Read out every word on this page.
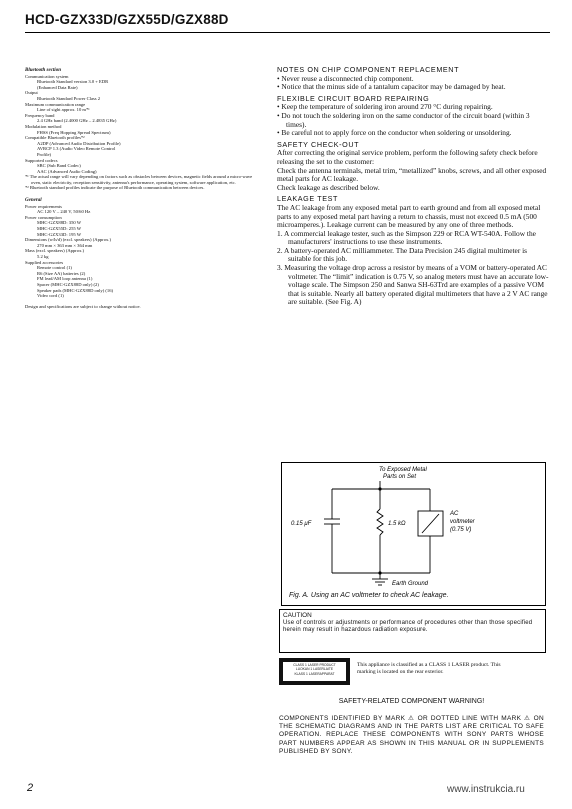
HCD-GZX33D/GZX55D/GZX88D
Bluetooth section
Communication system
Bluetooth Standard version 3.0 + EDR
(Enhanced Data Rate)
Output
Bluetooth Standard Power Class 2
Maximum communication range
Line of sight approx. 10 m*¹
Frequency band
2.4 GHz band (2.4000 GHz – 2.4835 GHz)
Modulation method
FHSS (Freq Hopping Spread Spectrum)
Compatible Bluetooth profiles*²
A2DP (Advanced Audio Distribution Profile)
AVRCP 1.3 (Audio Video Remote Control
Profile)
Supported codecs
SBC (Sub Band Codec)
AAC (Advanced Audio Coding)
*¹ The actual range will vary depending on factors such as obstacles between devices, magnetic fields around a micro-wave oven, static electricity, reception sensitivity, antenna's performance, operating system, software application, etc.
*² Bluetooth standard profiles indicate the purpose of Bluetooth communication between devices.
General
Power requirements
AC 120 V – 240 V, 50/60 Hz
Power consumption
MHC-GZX88D: 350 W
MHC-GZX55D: 255 W
MHC-GZX33D: 195 W
Dimensions (w/h/d) (excl. speakers) (Approx.)
270 mm × 363 mm × 364 mm
Mass (excl. speakers) (Approx.)
5.2 kg
Supplied accessories
Remote control (1)
R6 (Size AA) batteries (2)
FM lead/AM loop antenna (1)
Spacer (MHC-GZX88D only) (2)
Speaker pads (MHC-GZX88D only) (16)
Video cord (1)
Design and specifications are subject to change without notice.
NOTES ON CHIP COMPONENT REPLACEMENT

• Never reuse a disconnected chip component.

• Notice that the minus side of a tantalum capacitor may be damaged by heat.

FLEXIBLE CIRCUIT BOARD REPAIRING

• Keep the temperature of soldering iron around 270 °C during repairing.

• Do not touch the soldering iron on the same conductor of the circuit board (within 3 times).

• Be careful not to apply force on the conductor when soldering or unsoldering.

SAFETY CHECK-OUT

After correcting the original service problem, perform the following safety check before releasing the set to the customer:

Check the antenna terminals, metal trim, “metallized” knobs, screws, and all other exposed metal parts for AC leakage.

Check leakage as described below.

LEAKAGE TEST

The AC leakage from any exposed metal part to earth ground and from all exposed metal parts to any exposed metal part having a return to chassis, must not exceed 0.5 mA (500 microamperes.). Leakage current can be measured by any one of three methods.

1. A commercial leakage tester, such as the Simpson 229 or RCA WT-540A. Follow the manufacturers' instructions to use these instruments.

2. A battery-operated AC milliammeter. The Data Precision 245 digital multimeter is suitable for this job.

3. Measuring the voltage drop across a resistor by means of a VOM or battery-operated AC voltmeter. The “limit” indication is 0.75 V, so analog meters must have an accurate low-voltage scale. The Simpson 250 and Sanwa SH-63Trd are examples of a passive VOM that is suitable. Nearly all battery operated digital multimeters that have a 2 V AC range are suitable. (See Fig. A)

To Exposed Metal
Parts on Set
0.15 μF	1.5 kΩ
AC
voltmeter
(0.75 V)
Earth Ground
Fig. A. Using an AC voltmeter to check AC leakage.
CAUTION
Use of controls or adjustments or performance of procedures other than those specified herein may result in hazardous radiation exposure.
CLASS 1 LASER PRODUCT
LUOKAN 1 LASERLAITE
KLASS 1 LASERAPPARAT
This appliance is classified as a CLASS 1 LASER product. This marking is located on the rear exterior.
SAFETY-RELATED COMPONENT WARNING!
COMPONENTS IDENTIFIED BY MARK ⚠ OR DOTTED LINE WITH MARK ⚠ ON THE SCHEMATIC DIAGRAMS AND IN THE PARTS LIST ARE CRITICAL TO SAFE OPERATION. REPLACE THESE COMPONENTS WITH SONY PARTS WHOSE PART NUMBERS APPEAR AS SHOWN IN THIS MANUAL OR IN SUPPLEMENTS PUBLISHED BY SONY.
2	www.instrukcia.ru
